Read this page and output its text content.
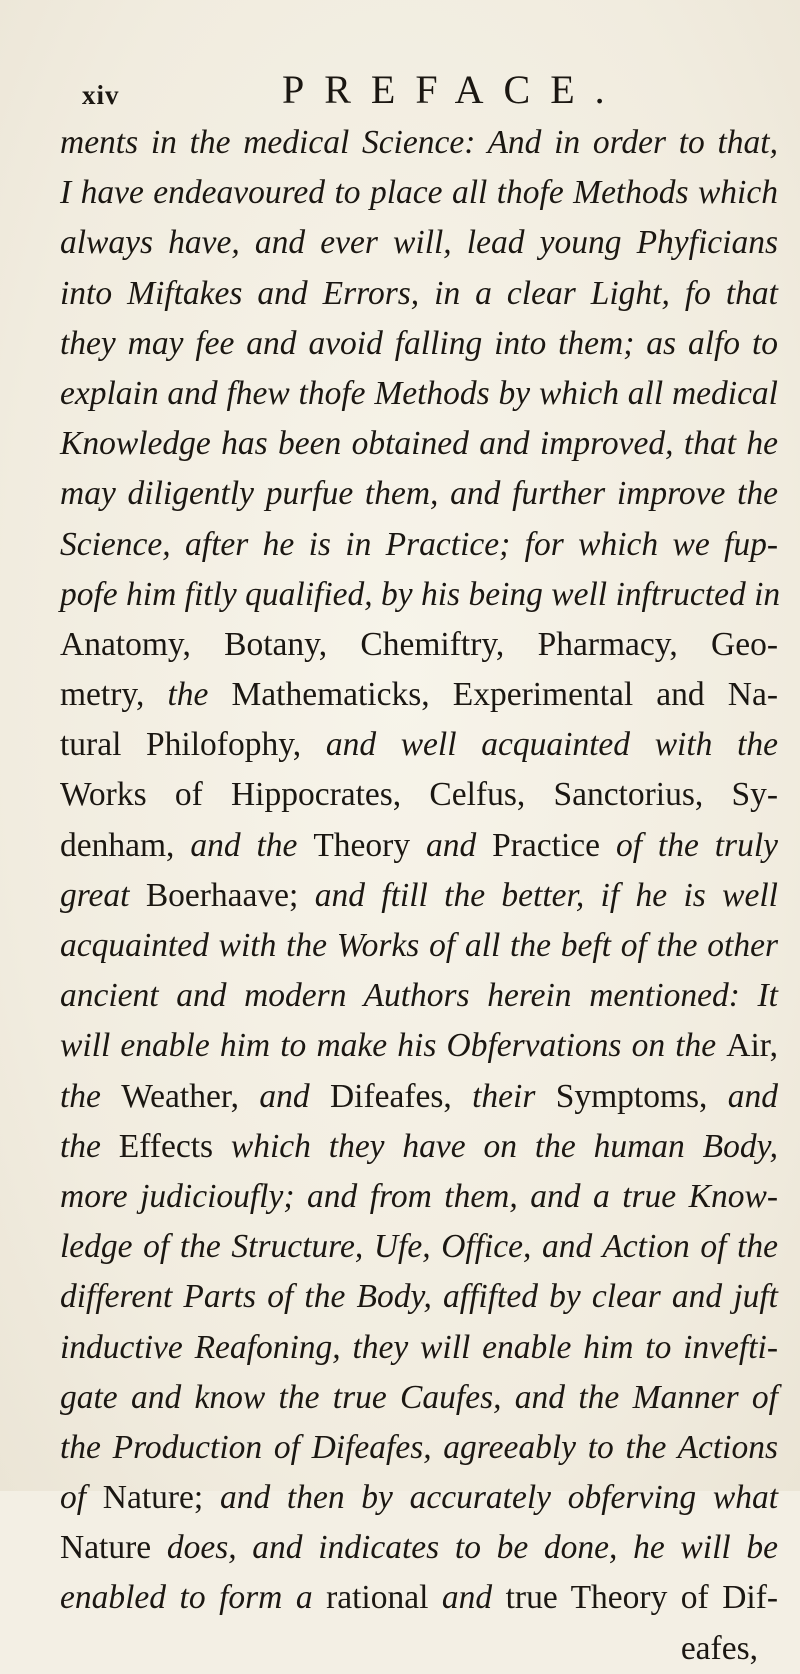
xiv	PREFACE.
ments in the medical Science: And in order to that,
I have endeavoured to place all thofe Methods which
always have, and ever will, lead young Phyficians
into Miftakes and Errors, in a clear Light, fo that
they may fee and avoid falling into them; as alfo to
explain and fhew thofe Methods by which all medical
Knowledge has been obtained and improved, that he
may diligently purfue them, and further improve the
Science, after he is in Practice; for which we fup-
pofe him fitly qualified, by his being well inftructed in
Anatomy, Botany, Chemiftry, Pharmacy, Geo-
metry, the Mathematicks, Experimental and Na-
tural Philofophy, and well acquainted with the
Works of Hippocrates, Celfus, Sanctorius, Sy-
denham, and the Theory and Practice of the truly
great Boerhaave; and ftill the better, if he is well
acquainted with the Works of all the beft of the other
ancient and modern Authors herein mentioned: It
will enable him to make his Obfervations on the Air,
the Weather, and Difeafes, their Symptoms, and
the Effects which they have on the human Body,
more judicioufly; and from them, and a true Know-
ledge of the Structure, Ufe, Office, and Action of the
different Parts of the Body, affifted by clear and juft
inductive Reafoning, they will enable him to invefti-
gate and know the true Caufes, and the Manner of
the Production of Difeafes, agreeably to the Actions
of Nature; and then by accurately obferving what
Nature does, and indicates to be done, he will be
enabled to form a rational and true Theory of Dif-
eafes,
